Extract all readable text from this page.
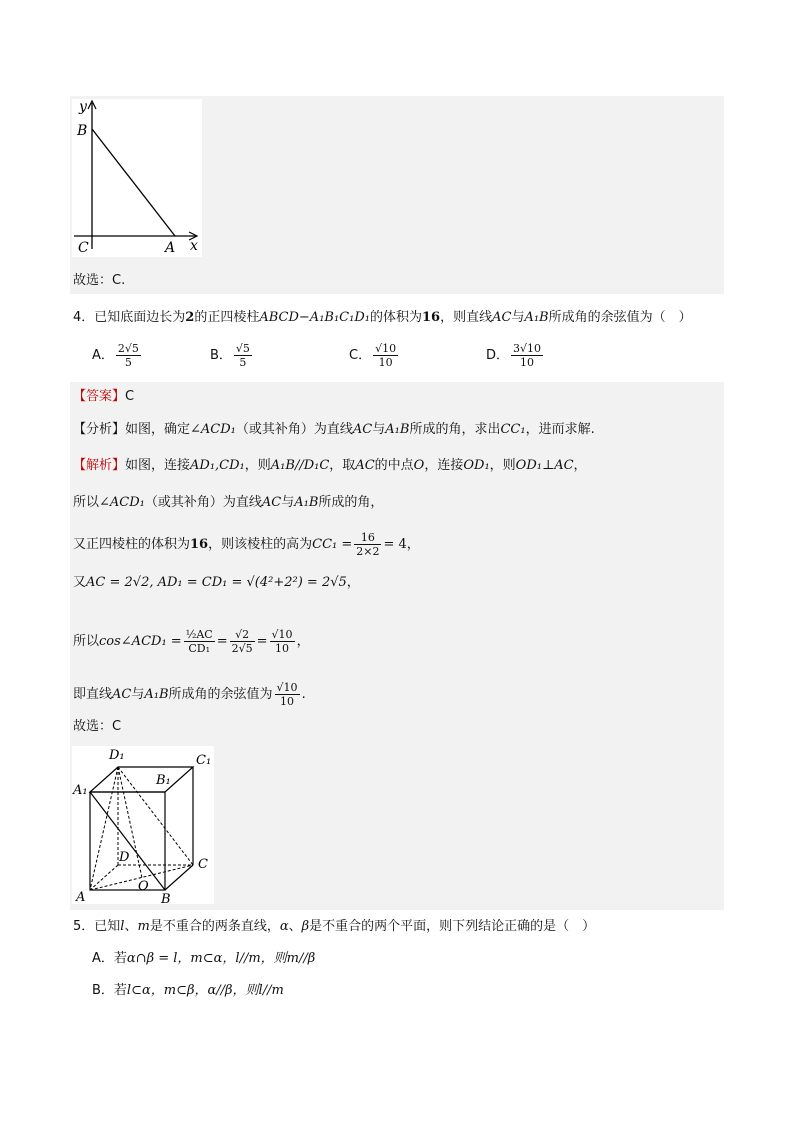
y
B
C	A x
故选：C.
4．已知底面边长为2的正四棱柱ABCD−A₁B₁C₁D₁的体积为16，则直线AC与A₁B所成角的余弦值为（　）
A． $\frac{2√5}{5}$	B． $\frac{√5}{5}$	C． $\frac{√10}{10}$	D． $\frac{3√10}{10}$
【答案】C
【分析】如图，确定∠ACD₁（或其补角）为直线AC与A₁B所成的角，求出CC₁，进而求解.
【解析】如图，连接AD₁,CD₁，则A₁B//D₁C，取AC的中点O，连接OD₁，则OD₁⊥AC，
所以∠ACD₁（或其补角）为直线AC与A₁B所成的角，
又正四棱柱的体积为16，则该棱柱的高为$CC_1 = \frac{16}{2\times 2} = 4$，
又AC = 2√2, AD₁ = CD₁ = √(4²+2²) = 2√5，
所以cos∠ACD₁ = $\frac{\text{½AC}}{\text{CD₁}} = \frac{√2}{2√5} = \frac{√10}{10}$ ，
即直线AC与A₁B所成角的余弦值为 $\frac{√10}{10}$ .
故选：C
D₁	C₁
B₁
A₁
D	C
O
A	B
5．已知l、m是不重合的两条直线，α、β是不重合的两个平面，则下列结论正确的是（　）
A．若α∩β = l，m⊂α，l//m，则m//β
B．若l⊂α，m⊂β，α//β，则l//m
